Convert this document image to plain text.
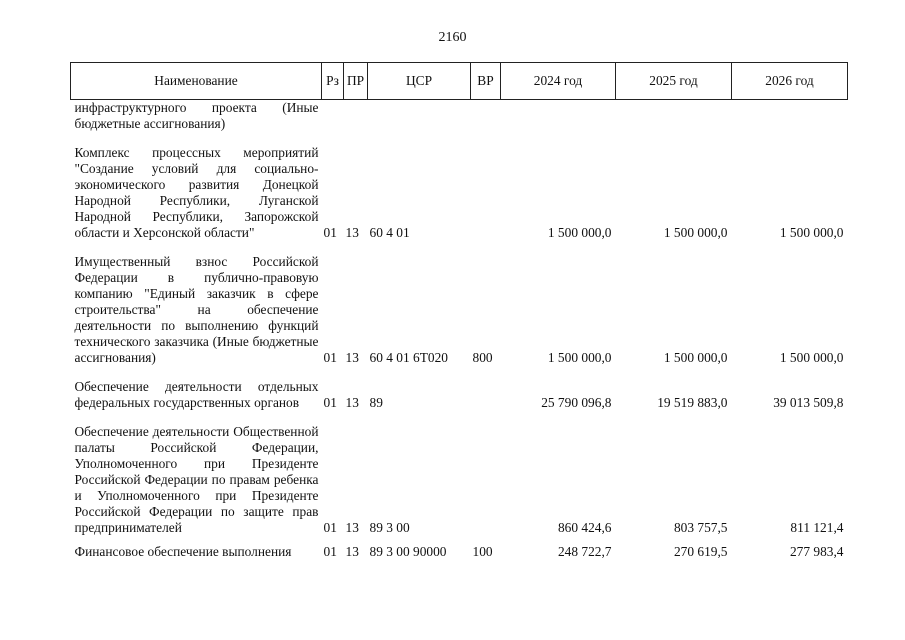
2160
Наименование	Рз	ПР	ЦСР	ВР	2024 год	2025 год	2026 год
инфраструктурного проекта (Иные бюджетные ассигнования)							
Комплекс процессных мероприятий "Создание условий для социально-экономического развития Донецкой Народной Республики, Луганской Народной Республики, Запорожской области и Херсонской области"	01	13	60 4 01		1 500 000,0	1 500 000,0	1 500 000,0
Имущественный взнос Российской Федерации в публично-правовую компанию "Единый заказчик в сфере строительства" на обеспечение деятельности по выполнению функций технического заказчика (Иные бюджетные ассигнования)	01	13	60 4 01 6Т020	800	1 500 000,0	1 500 000,0	1 500 000,0
Обеспечение деятельности отдельных федеральных государственных органов	01	13	89		25 790 096,8	19 519 883,0	39 013 509,8
Обеспечение деятельности Общественной палаты Российской Федерации, Уполномоченного при Президенте Российской Федерации по правам ребенка и Уполномоченного при Президенте Российской Федерации по защите прав предпринимателей	01	13	89 3 00		860 424,6	803 757,5	811 121,4
Финансовое обеспечение выполнения	01	13	89 3 00 90000	100	248 722,7	270 619,5	277 983,4
